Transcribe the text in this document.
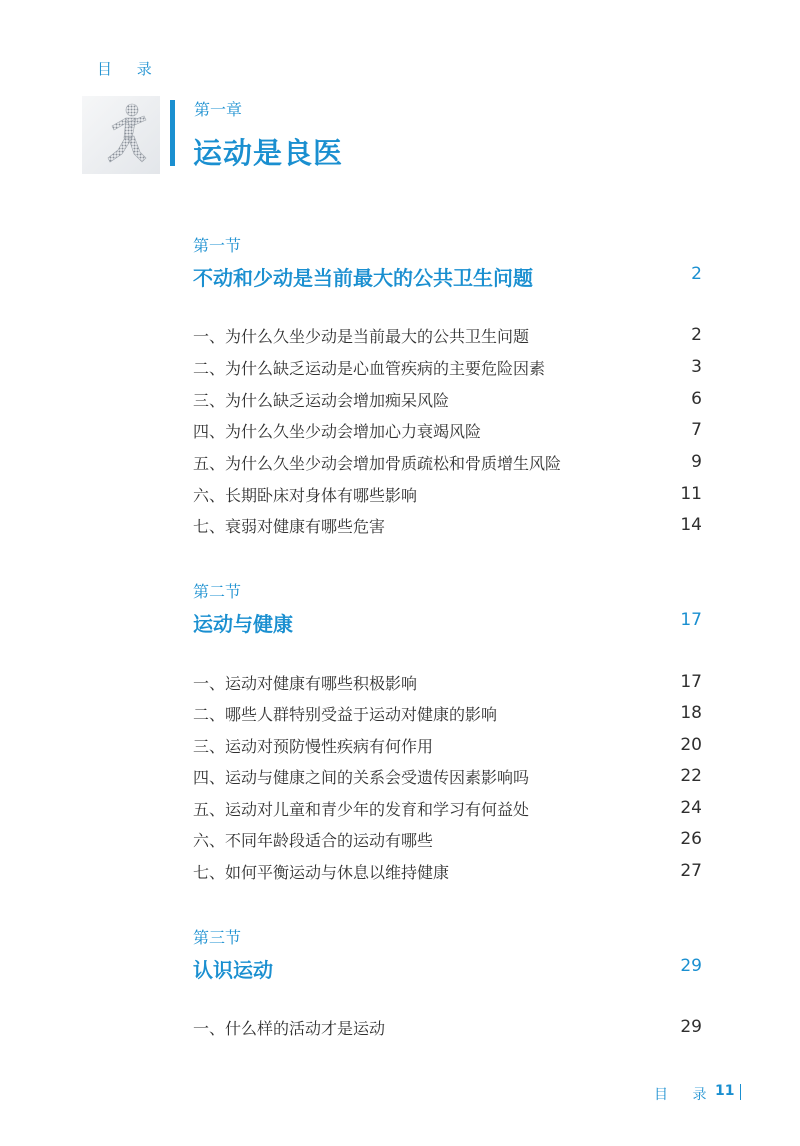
目 录
第一章
运动是良医
第一节
不动和少动是当前最大的公共卫生问题	2
一、为什么久坐少动是当前最大的公共卫生问题	2
二、为什么缺乏运动是心血管疾病的主要危险因素	3
三、为什么缺乏运动会增加痴呆风险	6
四、为什么久坐少动会增加心力衰竭风险	7
五、为什么久坐少动会增加骨质疏松和骨质增生风险	9
六、长期卧床对身体有哪些影响	11
七、衰弱对健康有哪些危害	14
第二节
运动与健康	17
一、运动对健康有哪些积极影响	17
二、哪些人群特别受益于运动对健康的影响	18
三、运动对预防慢性疾病有何作用	20
四、运动与健康之间的关系会受遗传因素影响吗	22
五、运动对儿童和青少年的发育和学习有何益处	24
六、不同年龄段适合的运动有哪些	26
七、如何平衡运动与休息以维持健康	27
第三节
认识运动	29
一、什么样的活动才是运动	29
目 录
11
